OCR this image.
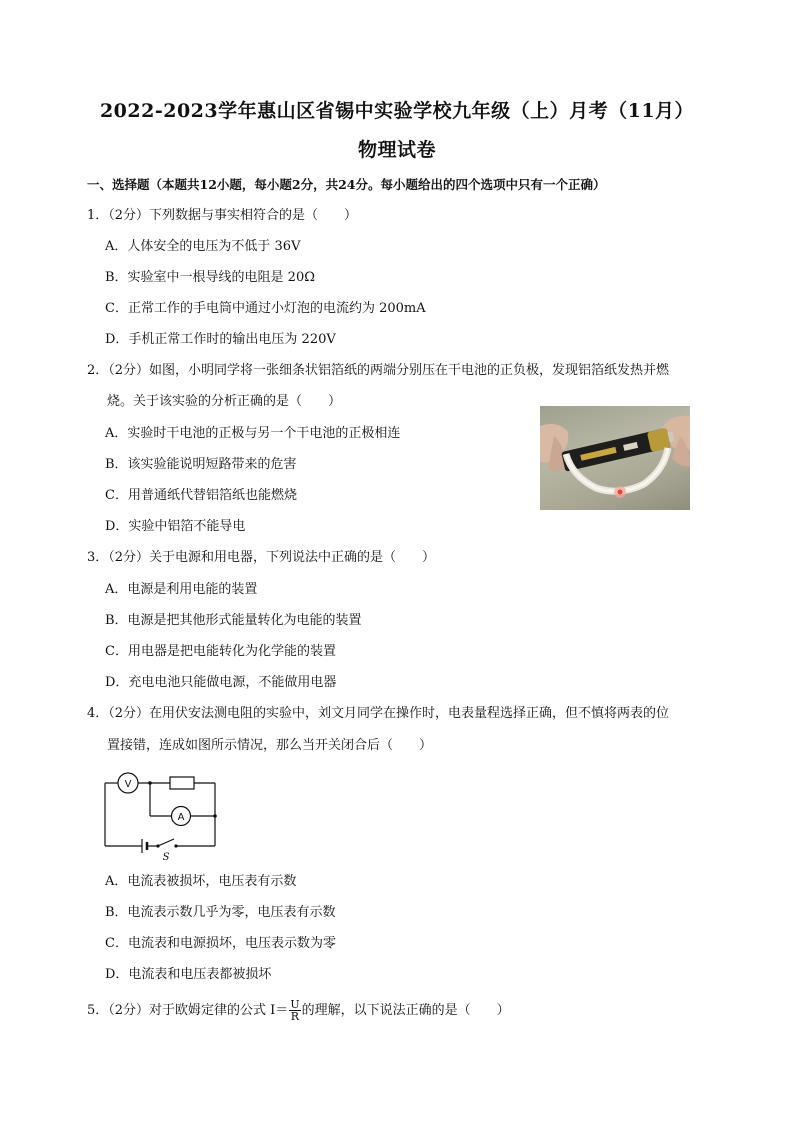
2022-2023学年惠山区省锡中实验学校九年级（上）月考（11月）
物理试卷
一、选择题（本题共12小题，每小题2分，共24分。每小题给出的四个选项中只有一个正确）
1．（2分）下列数据与事实相符合的是（　　）
A．人体安全的电压为不低于 36V
B．实验室中一根导线的电阻是 20Ω
C．正常工作的手电筒中通过小灯泡的电流约为 200mA
D．手机正常工作时的输出电压为 220V
2．（2分）如图，小明同学将一张细条状铝箔纸的两端分别压在干电池的正负极，发现铝箔纸发热并燃
烧。关于该实验的分析正确的是（　　）
A．实验时干电池的正极与另一个干电池的正极相连
B．该实验能说明短路带来的危害
C．用普通纸代替铝箔纸也能燃烧
D．实验中铝箔不能导电
3．（2分）关于电源和用电器，下列说法中正确的是（　　）
A．电源是利用电能的装置
B．电源是把其他形式能量转化为电能的装置
C．用电器是把电能转化为化学能的装置
D．充电电池只能做电源，不能做用电器
4．（2分）在用伏安法测电阻的实验中，刘文月同学在操作时，电表量程选择正确，但不慎将两表的位
置接错，连成如图所示情况，那么当开关闭合后（　　）
V
A
S
A．电流表被损坏，电压表有示数
B．电流表示数几乎为零，电压表有示数
C．电流表和电源损坏，电压表示数为零
D．电流表和电压表都被损坏
5．（2分）对于欧姆定律的公式 $I= \frac{U}{R}$ 的理解，以下说法正确的是（　　）
